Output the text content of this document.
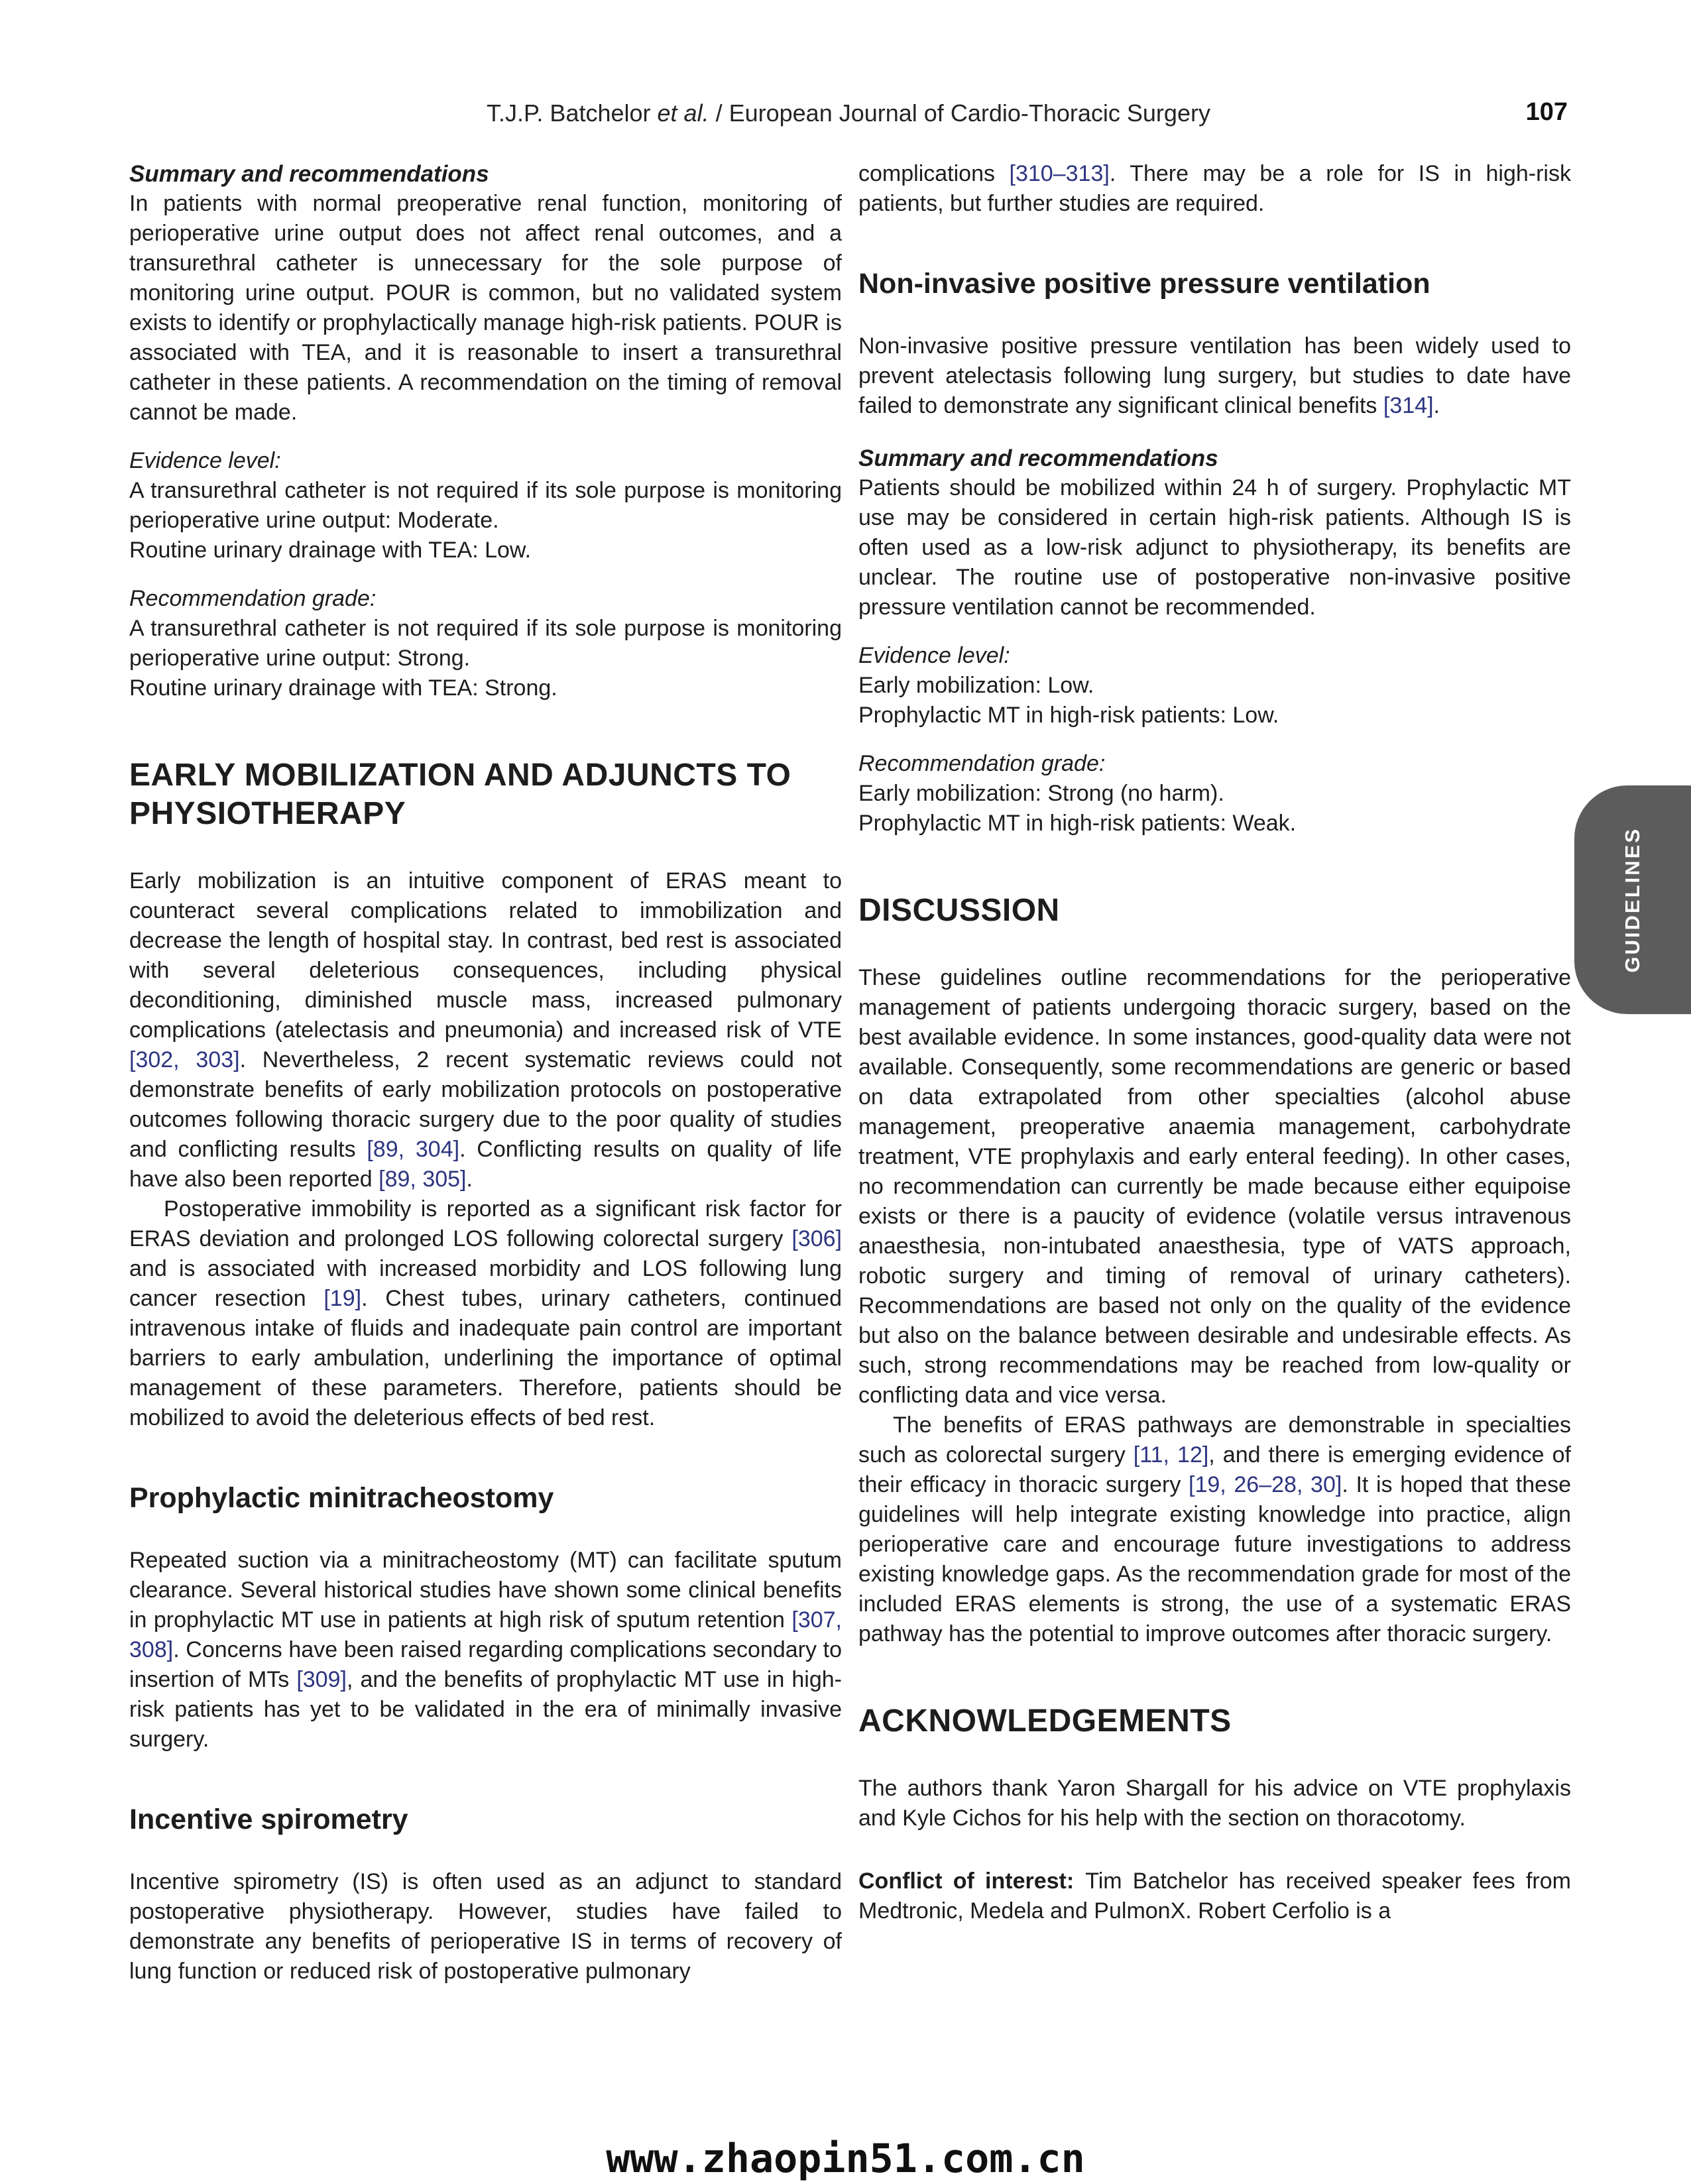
T.J.P. Batchelor et al. / European Journal of Cardio-Thoracic Surgery	107
Summary and recommendations
In patients with normal preoperative renal function, monitoring of perioperative urine output does not affect renal outcomes, and a transurethral catheter is unnecessary for the sole purpose of monitoring urine output. POUR is common, but no validated system exists to identify or prophylactically manage high-risk patients. POUR is associated with TEA, and it is reasonable to insert a transurethral catheter in these patients. A recommendation on the timing of removal cannot be made.
Evidence level:
A transurethral catheter is not required if its sole purpose is monitoring perioperative urine output: Moderate.
Routine urinary drainage with TEA: Low.
Recommendation grade:
A transurethral catheter is not required if its sole purpose is monitoring perioperative urine output: Strong.
Routine urinary drainage with TEA: Strong.
EARLY MOBILIZATION AND ADJUNCTS TO PHYSIOTHERAPY
Early mobilization is an intuitive component of ERAS meant to counteract several complications related to immobilization and decrease the length of hospital stay. In contrast, bed rest is associated with several deleterious consequences, including physical deconditioning, diminished muscle mass, increased pulmonary complications (atelectasis and pneumonia) and increased risk of VTE [302, 303]. Nevertheless, 2 recent systematic reviews could not demonstrate benefits of early mobilization protocols on postoperative outcomes following thoracic surgery due to the poor quality of studies and conflicting results [89, 304]. Conflicting results on quality of life have also been reported [89, 305].
Postoperative immobility is reported as a significant risk factor for ERAS deviation and prolonged LOS following colorectal surgery [306] and is associated with increased morbidity and LOS following lung cancer resection [19]. Chest tubes, urinary catheters, continued intravenous intake of fluids and inadequate pain control are important barriers to early ambulation, underlining the importance of optimal management of these parameters. Therefore, patients should be mobilized to avoid the deleterious effects of bed rest.
Prophylactic minitracheostomy
Repeated suction via a minitracheostomy (MT) can facilitate sputum clearance. Several historical studies have shown some clinical benefits in prophylactic MT use in patients at high risk of sputum retention [307, 308]. Concerns have been raised regarding complications secondary to insertion of MTs [309], and the benefits of prophylactic MT use in high-risk patients has yet to be validated in the era of minimally invasive surgery.
Incentive spirometry
Incentive spirometry (IS) is often used as an adjunct to standard postoperative physiotherapy. However, studies have failed to demonstrate any benefits of perioperative IS in terms of recovery of lung function or reduced risk of postoperative pulmonary
complications [310–313]. There may be a role for IS in high-risk patients, but further studies are required.
Non-invasive positive pressure ventilation
Non-invasive positive pressure ventilation has been widely used to prevent atelectasis following lung surgery, but studies to date have failed to demonstrate any significant clinical benefits [314].
Summary and recommendations
Patients should be mobilized within 24 h of surgery. Prophylactic MT use may be considered in certain high-risk patients. Although IS is often used as a low-risk adjunct to physiotherapy, its benefits are unclear. The routine use of postoperative non-invasive positive pressure ventilation cannot be recommended.
Evidence level:
Early mobilization: Low.
Prophylactic MT in high-risk patients: Low.
Recommendation grade:
Early mobilization: Strong (no harm).
Prophylactic MT in high-risk patients: Weak.
DISCUSSION
These guidelines outline recommendations for the perioperative management of patients undergoing thoracic surgery, based on the best available evidence. In some instances, good-quality data were not available. Consequently, some recommendations are generic or based on data extrapolated from other specialties (alcohol abuse management, preoperative anaemia management, carbohydrate treatment, VTE prophylaxis and early enteral feeding). In other cases, no recommendation can currently be made because either equipoise exists or there is a paucity of evidence (volatile versus intravenous anaesthesia, non-intubated anaesthesia, type of VATS approach, robotic surgery and timing of removal of urinary catheters). Recommendations are based not only on the quality of the evidence but also on the balance between desirable and undesirable effects. As such, strong recommendations may be reached from low-quality or conflicting data and vice versa.
The benefits of ERAS pathways are demonstrable in specialties such as colorectal surgery [11, 12], and there is emerging evidence of their efficacy in thoracic surgery [19, 26–28, 30]. It is hoped that these guidelines will help integrate existing knowledge into practice, align perioperative care and encourage future investigations to address existing knowledge gaps. As the recommendation grade for most of the included ERAS elements is strong, the use of a systematic ERAS pathway has the potential to improve outcomes after thoracic surgery.
ACKNOWLEDGEMENTS
The authors thank Yaron Shargall for his advice on VTE prophylaxis and Kyle Cichos for his help with the section on thoracotomy.
Conflict of interest: Tim Batchelor has received speaker fees from Medtronic, Medela and PulmonX. Robert Cerfolio is a
GUIDELINES
www.zhaopin51.com.cn
